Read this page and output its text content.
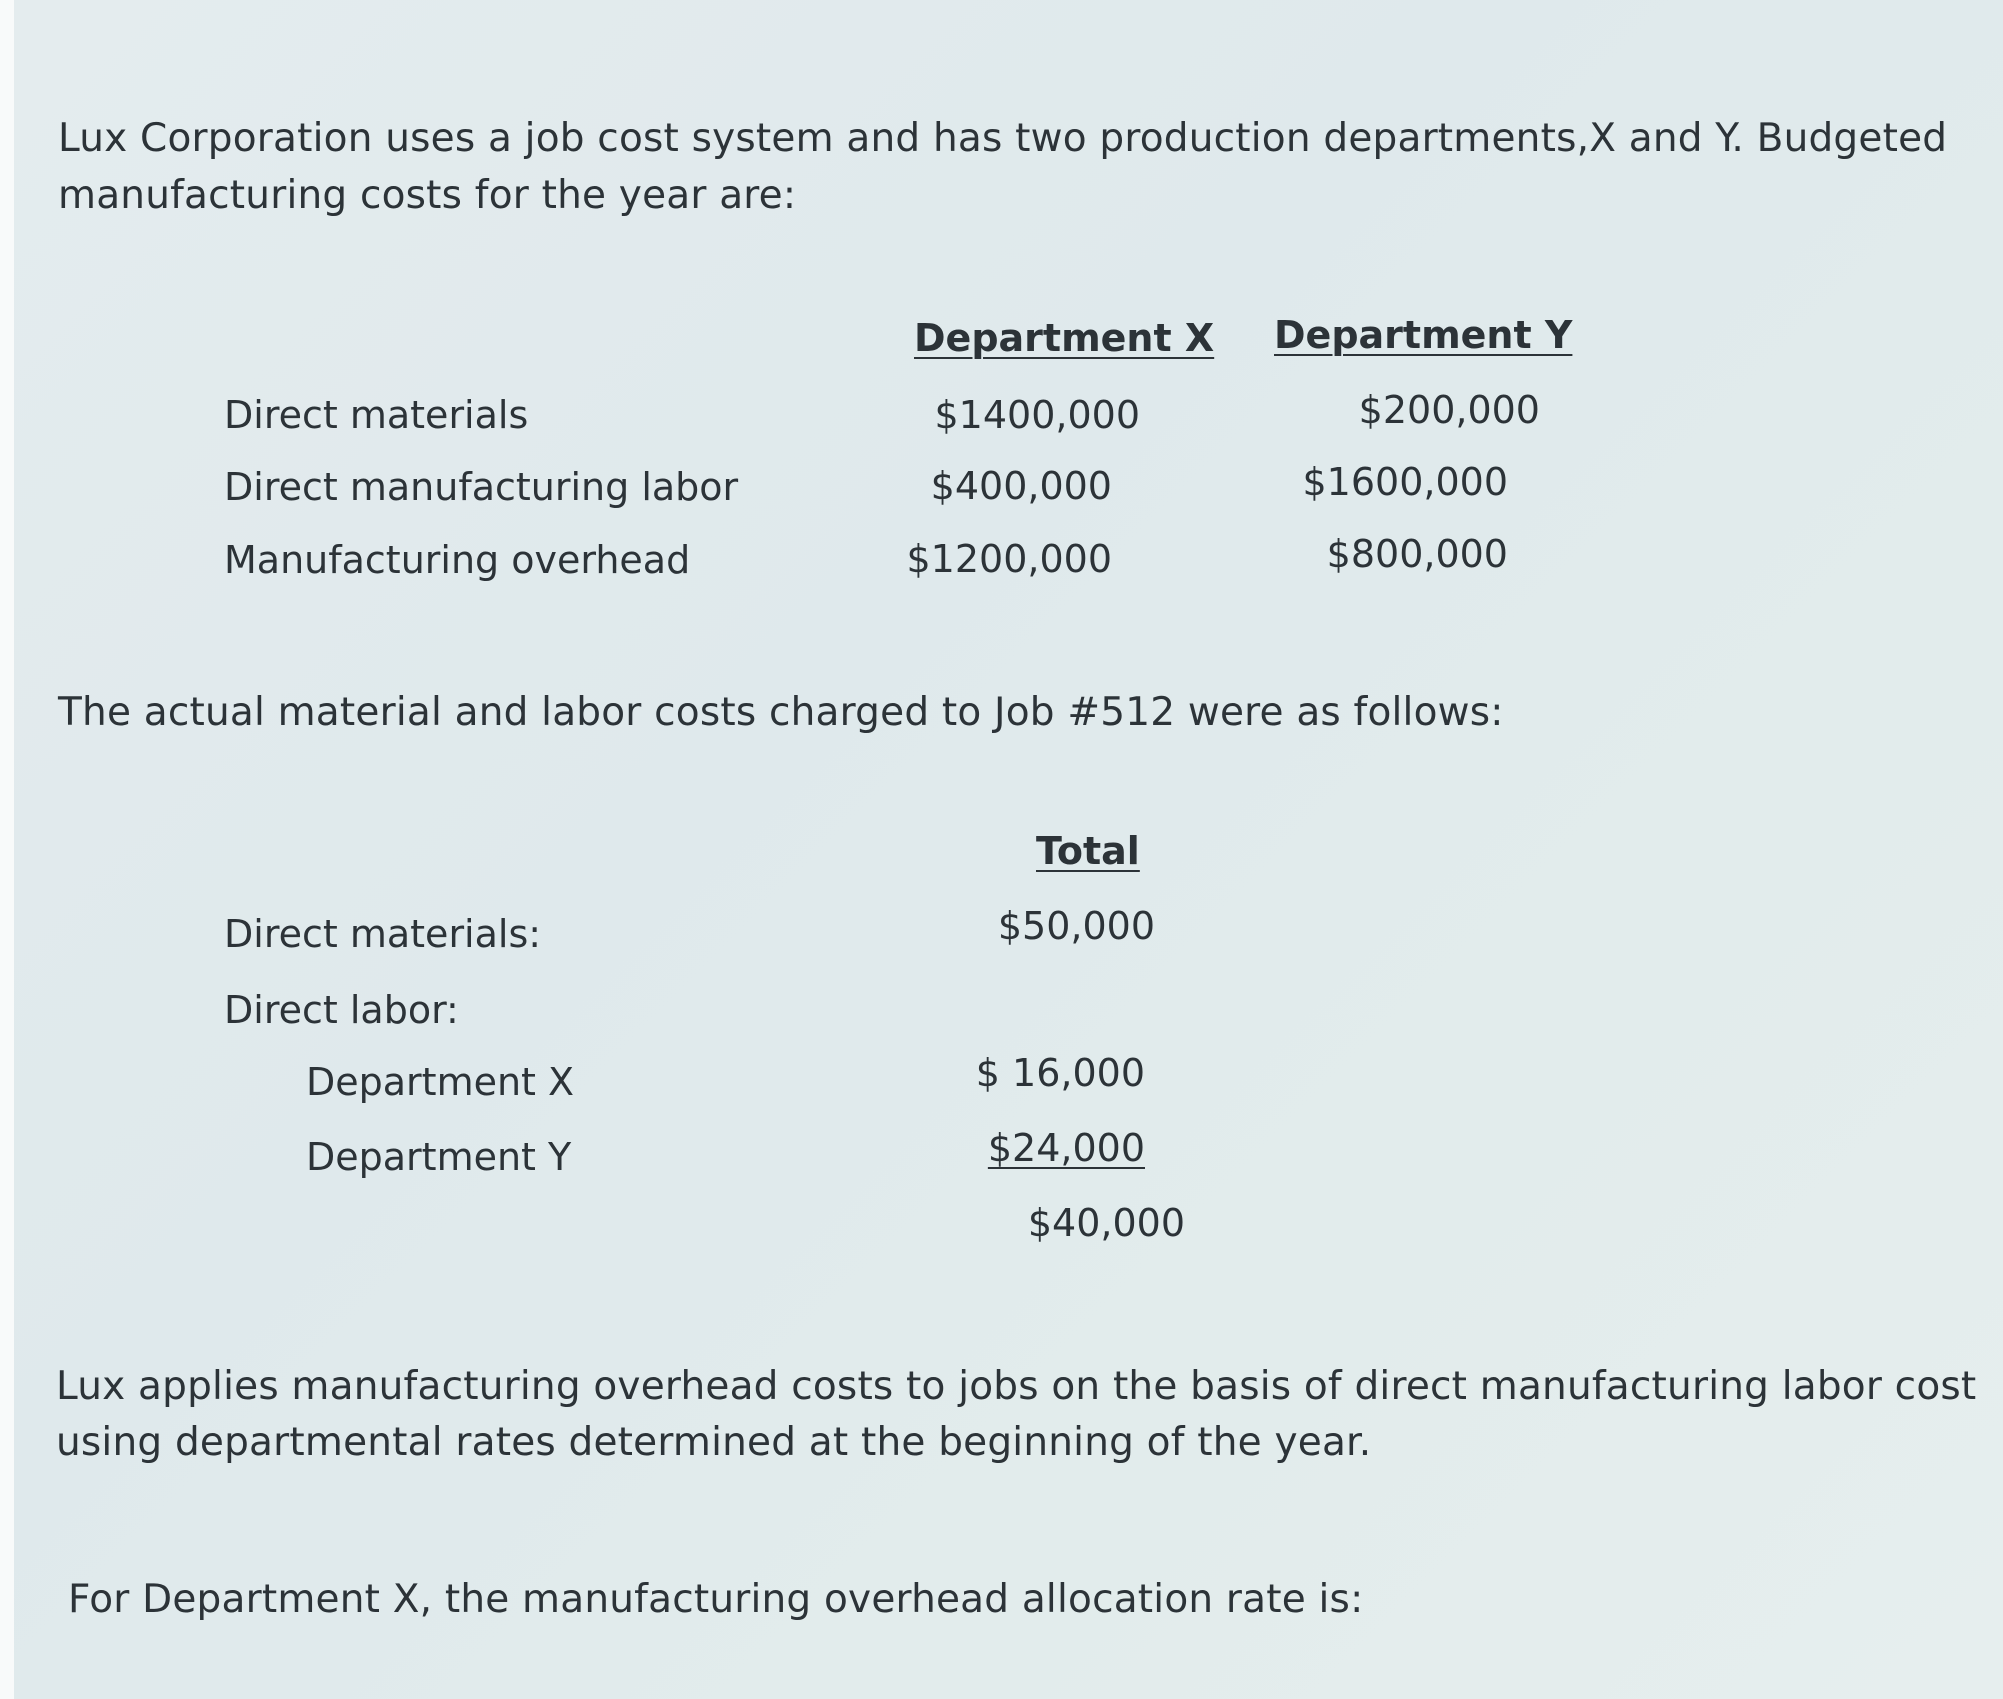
Lux Corporation uses a job cost system and has two production departments,X and Y. Budgeted
manufacturing costs for the year are:
Department X Department Y
Direct materials	$1400,000	$200,000
Direct manufacturing labor	$400,000	$1600,000
Manufacturing overhead	$1200,000	$800,000
The actual material and labor costs charged to Job #512 were as follows:
Total
Direct materials:	$50,000
Direct labor:
Department X	$ 16,000
Department Y	$24,000
$40,000
Lux applies manufacturing overhead costs to jobs on the basis of direct manufacturing labor cost
using departmental rates determined at the beginning of the year.
For Department X, the manufacturing overhead allocation rate is:
